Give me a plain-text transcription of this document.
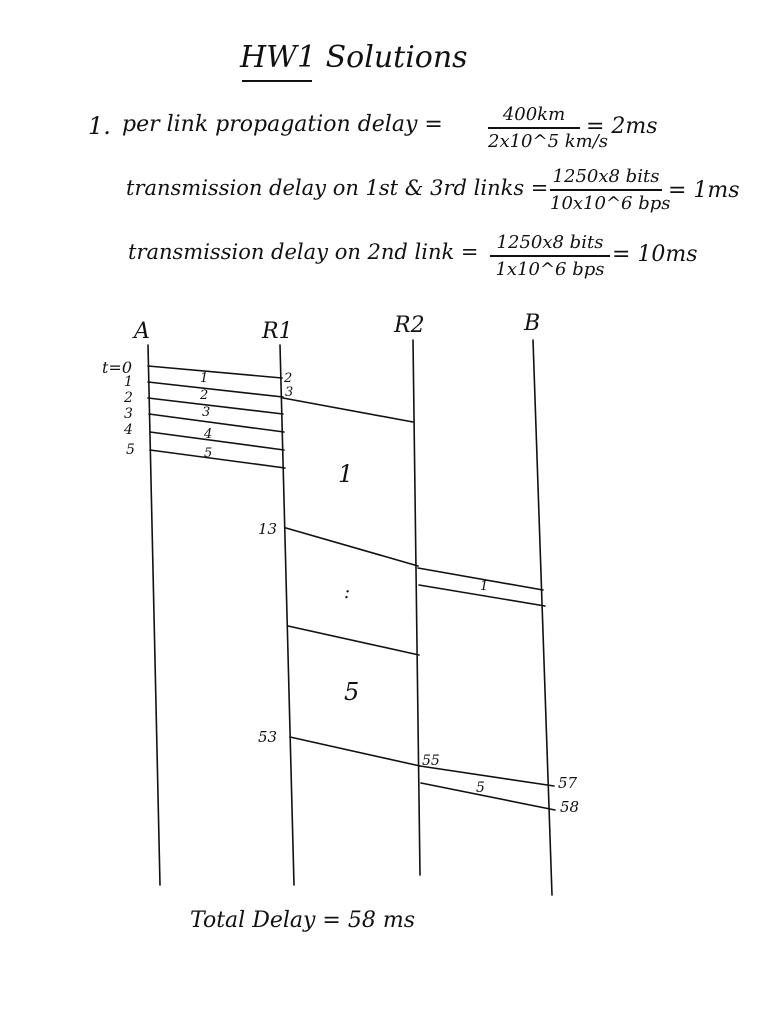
HW1 Solutions
1. per link propagation delay =	400km
2x10^5 km/s
= 2ms
transmission delay on 1st & 3rd links = 1250x8 bits
10x10^6 bps
= 1ms
transmission delay on 2nd link =	1250x8 bits
1x10^6 bps
= 10ms
A	R1	R2	B
t=0
1
2
3
4
5
1
2
3
4
5
2
3
1
:
5
13
53
55
1
5	57
58
Total Delay = 58 ms
